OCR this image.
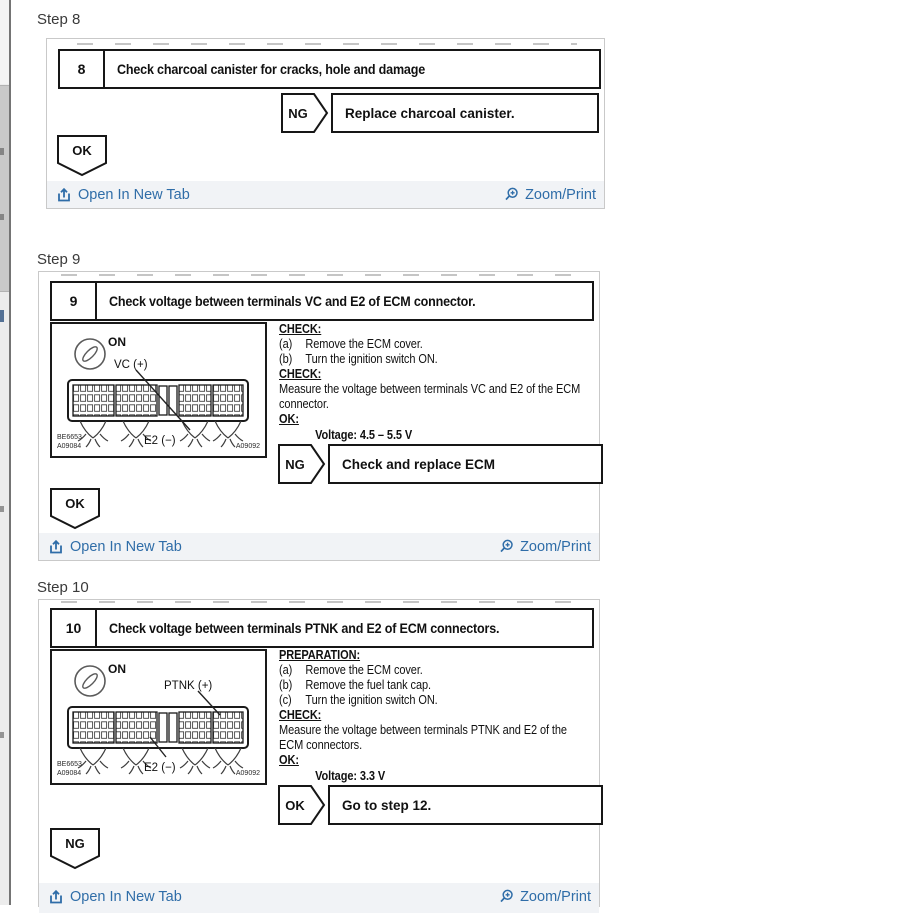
Step 8
8	Check charcoal canister for cracks, hole and damage
NG	Replace charcoal canister.
OK
Open In New Tab	Zoom/Print
Step 9
9	Check voltage between terminals VC and E2 of ECM connector.
ON
VC (+)
E2 (−)
BE6653
A09084	A09092
CHECK:
(a)	Remove the ECM cover.
(b)	Turn the ignition switch ON.
CHECK:
Measure the voltage between terminals VC and E2 of the ECM
connector.
OK:
Voltage: 4.5 – 5.5 V
NG	Check and replace ECM
OK
Open In New Tab	Zoom/Print
Step 10
10	Check voltage between terminals PTNK and E2 of ECM connectors.
ON
PTNK (+)
E2 (−)
BE6653
A09084	A09092
PREPARATION:
(a)	Remove the ECM cover.
(b)	Remove the fuel tank cap.
(c)	Turn the ignition switch ON.
CHECK:
Measure the voltage between terminals PTNK and E2 of the
ECM connectors.
OK:
Voltage: 3.3 V
OK	Go to step 12.
NG
Open In New Tab	Zoom/Print
